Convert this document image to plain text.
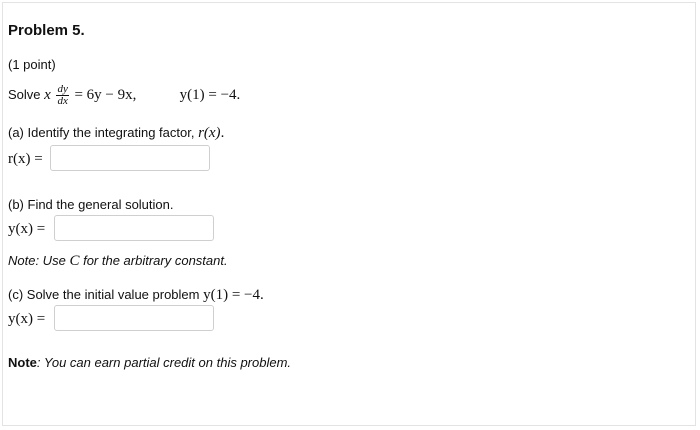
Problem 5.
(1 point)
Solve x $\frac{dy}{dx} = 6y - 9x$,	y(1) = −4.
(a) Identify the integrating factor, r(x).
r(x) =
(b) Find the general solution.
y(x) =
Note: Use C for the arbitrary constant.
(c) Solve the initial value problem y(1) = −4.
y(x) =
Note: You can earn partial credit on this problem.
